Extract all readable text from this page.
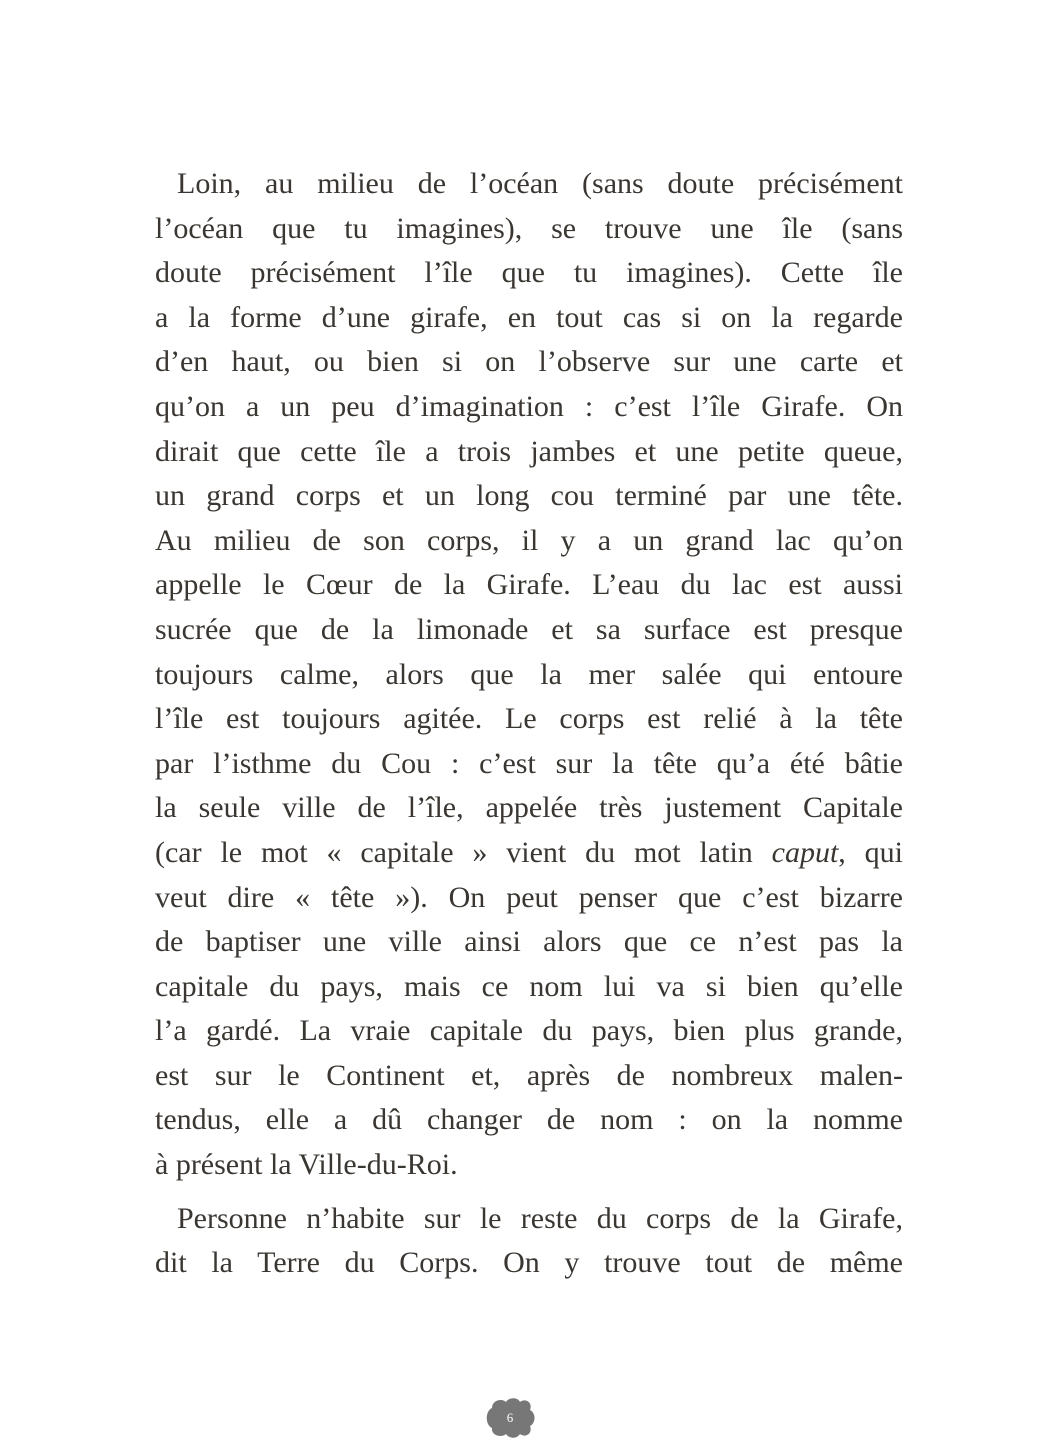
Loin, au milieu de l’océan (sans doute précisément
l’océan que tu imagines), se trouve une île (sans
doute précisément l’île que tu imagines). Cette île
a la forme d’une girafe, en tout cas si on la regarde
d’en haut, ou bien si on l’observe sur une carte et
qu’on a un peu d’imagination : c’est l’île Girafe. On
dirait que cette île a trois jambes et une petite queue,
un grand corps et un long cou terminé par une tête.
Au milieu de son corps, il y a un grand lac qu’on
appelle le Cœur de la Girafe. L’eau du lac est aussi
sucrée que de la limonade et sa surface est presque
toujours calme, alors que la mer salée qui entoure
l’île est toujours agitée. Le corps est relié à la tête
par l’isthme du Cou : c’est sur la tête qu’a été bâtie
la seule ville de l’île, appelée très justement Capitale
(car le mot « capitale » vient du mot latin caput, qui
veut dire « tête »). On peut penser que c’est bizarre
de baptiser une ville ainsi alors que ce n’est pas la
capitale du pays, mais ce nom lui va si bien qu’elle
l’a gardé. La vraie capitale du pays, bien plus grande,
est sur le Continent et, après de nombreux malen-
tendus, elle a dû changer de nom : on la nomme
à présent la Ville-du-Roi.
Personne n’habite sur le reste du corps de la Girafe,
dit la Terre du Corps. On y trouve tout de même
6
